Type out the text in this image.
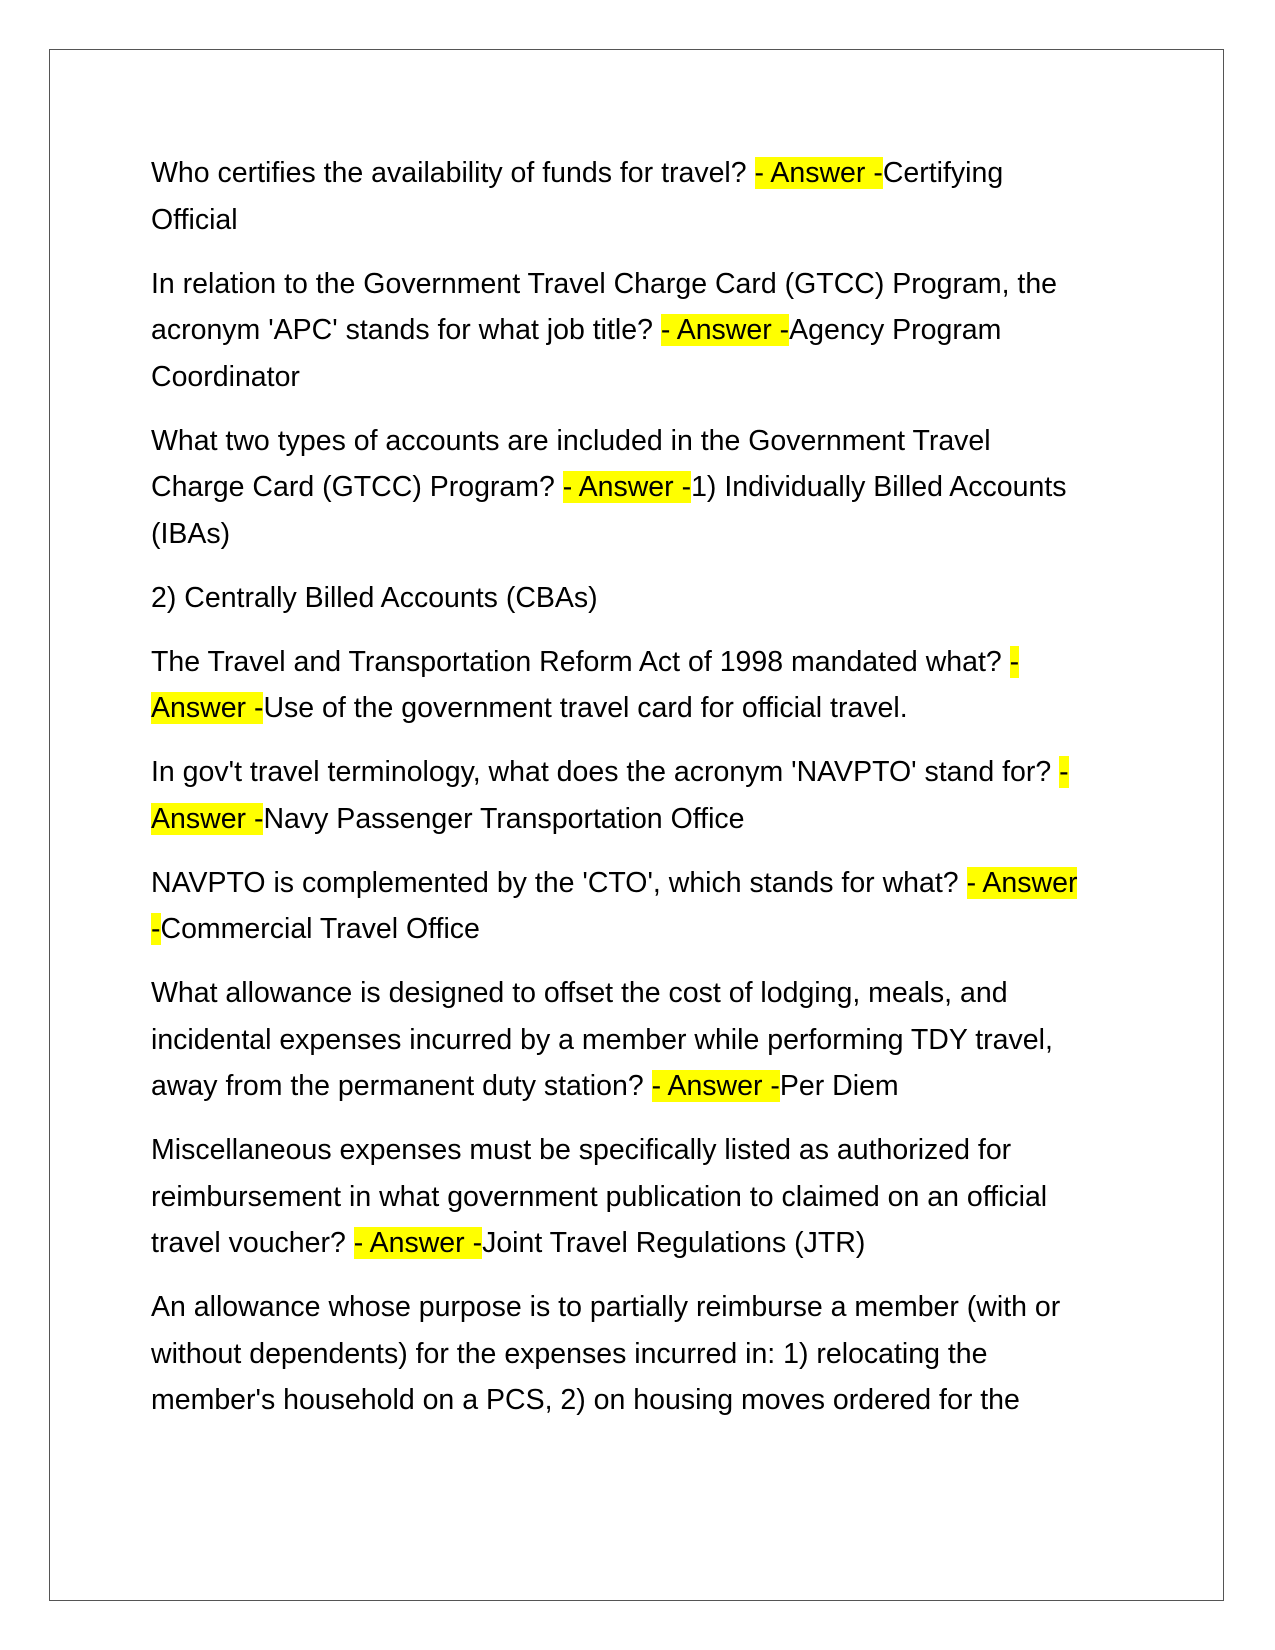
Who certifies the availability of funds for travel? - Answer -Certifying Official

In relation to the Government Travel Charge Card (GTCC) Program, the acronym 'APC' stands for what job title? - Answer -Agency Program Coordinator

What two types of accounts are included in the Government Travel Charge Card (GTCC) Program? - Answer -1) Individually Billed Accounts (IBAs)

2) Centrally Billed Accounts (CBAs)

The Travel and Transportation Reform Act of 1998 mandated what? - Answer -Use of the government travel card for official travel.

In gov't travel terminology, what does the acronym 'NAVPTO' stand for? - Answer -Navy Passenger Transportation Office

NAVPTO is complemented by the 'CTO', which stands for what? - Answer -Commercial Travel Office

What allowance is designed to offset the cost of lodging, meals, and incidental expenses incurred by a member while performing TDY travel, away from the permanent duty station? - Answer -Per Diem

Miscellaneous expenses must be specifically listed as authorized for reimbursement in what government publication to claimed on an official travel voucher? - Answer -Joint Travel Regulations (JTR)

An allowance whose purpose is to partially reimburse a member (with or without dependents) for the expenses incurred in: 1) relocating the member's household on a PCS, 2) on housing moves ordered for the
